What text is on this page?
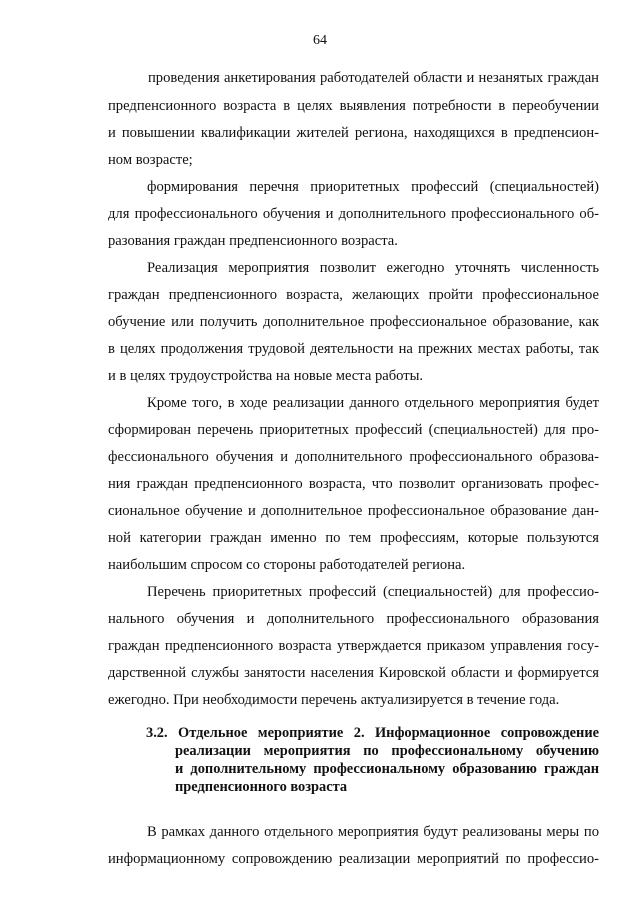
64
проведения анкетирования работодателей области и незанятых граждан
предпенсионного возраста в целях выявления потребности в переобучении
и повышении квалификации жителей региона, находящихся в предпенсион-
ном возрасте;
формирования перечня приоритетных профессий (специальностей)
для профессионального обучения и дополнительного профессионального об-
разования граждан предпенсионного возраста.
Реализация мероприятия позволит ежегодно уточнять численность
граждан предпенсионного возраста, желающих пройти профессиональное
обучение или получить дополнительное профессиональное образование, как
в целях продолжения трудовой деятельности на прежних местах работы, так
и в целях трудоустройства на новые места работы.
Кроме того, в ходе реализации данного отдельного мероприятия будет
сформирован перечень приоритетных профессий (специальностей) для про-
фессионального обучения и дополнительного профессионального образова-
ния граждан предпенсионного возраста, что позволит организовать профес-
сиональное обучение и дополнительное профессиональное образование дан-
ной категории граждан именно по тем профессиям, которые пользуются
наибольшим спросом со стороны работодателей региона.
Перечень приоритетных профессий (специальностей) для профессио-
нального обучения и дополнительного профессионального образования
граждан предпенсионного возраста утверждается приказом управления госу-
дарственной службы занятости населения Кировской области и формируется
ежегодно. При необходимости перечень актуализируется в течение года.
3.2. Отдельное мероприятие 2. Информационное сопровождение
реализации мероприятия по профессиональному обучению
и дополнительному профессиональному образованию граждан
предпенсионного возраста
В рамках данного отдельного мероприятия будут реализованы меры по
информационному сопровождению реализации мероприятий по профессио-
